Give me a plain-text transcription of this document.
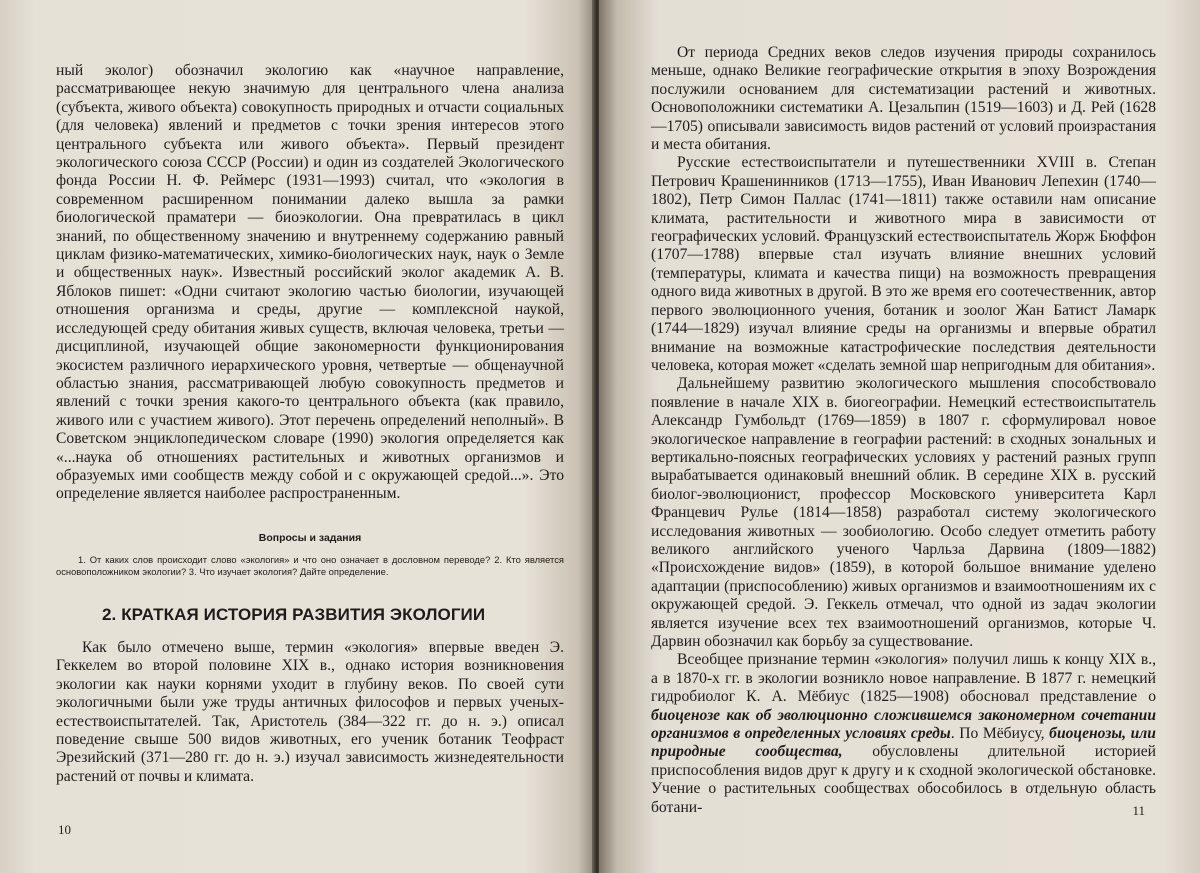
ный эколог) обозначил экологию как «научное направление, рассматривающее некую значимую для центрального члена анализа (субъекта, живого объекта) совокупность природных и отчасти социальных (для человека) явлений и предметов с точки зрения интересов этого центрального субъекта или живого объекта». Первый президент экологического союза СССР (России) и один из создателей Экологического фонда России Н. Ф. Реймерс (1931—1993) считал, что «экология в современном расширенном понимании далеко вышла за рамки биологической праматери — биоэкологии. Она превратилась в цикл знаний, по общественному значению и внутреннему содержанию равный циклам физико-математических, химико-биологических наук, наук о Земле и общественных наук». Известный российский эколог академик А. В. Яблоков пишет: «Одни считают экологию частью биологии, изучающей отношения организма и среды, другие — комплексной наукой, исследующей среду обитания живых существ, включая человека, третьи — дисциплиной, изучающей общие закономерности функционирования экосистем различного иерархического уровня, четвертые — общенаучной областью знания, рассматривающей любую совокупность предметов и явлений с точки зрения какого-то центрального объекта (как правило, живого или с участием живого). Этот перечень определений неполный». В Советском энциклопедическом словаре (1990) экология определяется как «...наука об отношениях растительных и животных организмов и образуемых ими сообществ между собой и с окружающей средой...». Это определение является наиболее распространенным.

Вопросы и задания

1. От каких слов происходит слово «экология» и что оно означает в дословном переводе? 2. Кто является основоположником экологии? 3. Что изучает экология? Дайте определение.

2. КРАТКАЯ ИСТОРИЯ РАЗВИТИЯ ЭКОЛОГИИ

Как было отмечено выше, термин «экология» впервые введен Э. Геккелем во второй половине XIX в., однако история возникновения экологии как науки корнями уходит в глубину веков. По своей сути экологичными были уже труды античных философов и первых ученых-естествоиспытателей. Так, Аристотель (384—322 гг. до н. э.) описал поведение свыше 500 видов животных, его ученик ботаник Теофраст Эрезийский (371—280 гг. до н. э.) изучал зависимость жизнедеятельности растений от почвы и климата.

10

От периода Средних веков следов изучения природы сохранилось меньше, однако Великие географические открытия в эпоху Возрождения послужили основанием для систематизации растений и животных. Основоположники систематики А. Цезальпин (1519—1603) и Д. Рей (1628—1705) описывали зависимость видов растений от условий произрастания и места обитания.

Русские естествоиспытатели и путешественники XVIII в. Степан Петрович Крашенинников (1713—1755), Иван Иванович Лепехин (1740—1802), Петр Симон Паллас (1741—1811) также оставили нам описание климата, растительности и животного мира в зависимости от географических условий. Французский естествоиспытатель Жорж Бюффон (1707—1788) впервые стал изучать влияние внешних условий (температуры, климата и качества пищи) на возможность превращения одного вида животных в другой. В это же время его соотечественник, автор первого эволюционного учения, ботаник и зоолог Жан Батист Ламарк (1744—1829) изучал влияние среды на организмы и впервые обратил внимание на возможные катастрофические последствия деятельности человека, которая может «сделать земной шар непригодным для обитания».

Дальнейшему развитию экологического мышления способствовало появление в начале XIX в. биогеографии. Немецкий естествоиспытатель Александр Гумбольдт (1769—1859) в 1807 г. сформулировал новое экологическое направление в географии растений: в сходных зональных и вертикально-поясных географических условиях у растений разных групп вырабатывается одинаковый внешний облик. В середине XIX в. русский биолог-эволюционист, профессор Московского университета Карл Францевич Рулье (1814—1858) разработал систему экологического исследования животных — зообиологию. Особо следует отметить работу великого английского ученого Чарльза Дарвина (1809—1882) «Происхождение видов» (1859), в которой большое внимание уделено адаптации (приспособлению) живых организмов и взаимоотношениям их с окружающей средой. Э. Геккель отмечал, что одной из задач экологии является изучение всех тех взаимоотношений организмов, которые Ч. Дарвин обозначил как борьбу за существование.

Всеобщее признание термин «экология» получил лишь к концу XIX в., а в 1870-х гг. в экологии возникло новое направление. В 1877 г. немецкий гидробиолог К. А. Мёбиус (1825—1908) обосновал представление о биоценозе как об эволюционно сложившемся закономерном сочетании организмов в определенных условиях среды. По Мёбиусу, биоценозы, или природные сообщества, обусловлены длительной историей приспособления видов друг к другу и к сходной экологической обстановке. Учение о растительных сообществах обособилось в отдельную область ботани-	11
